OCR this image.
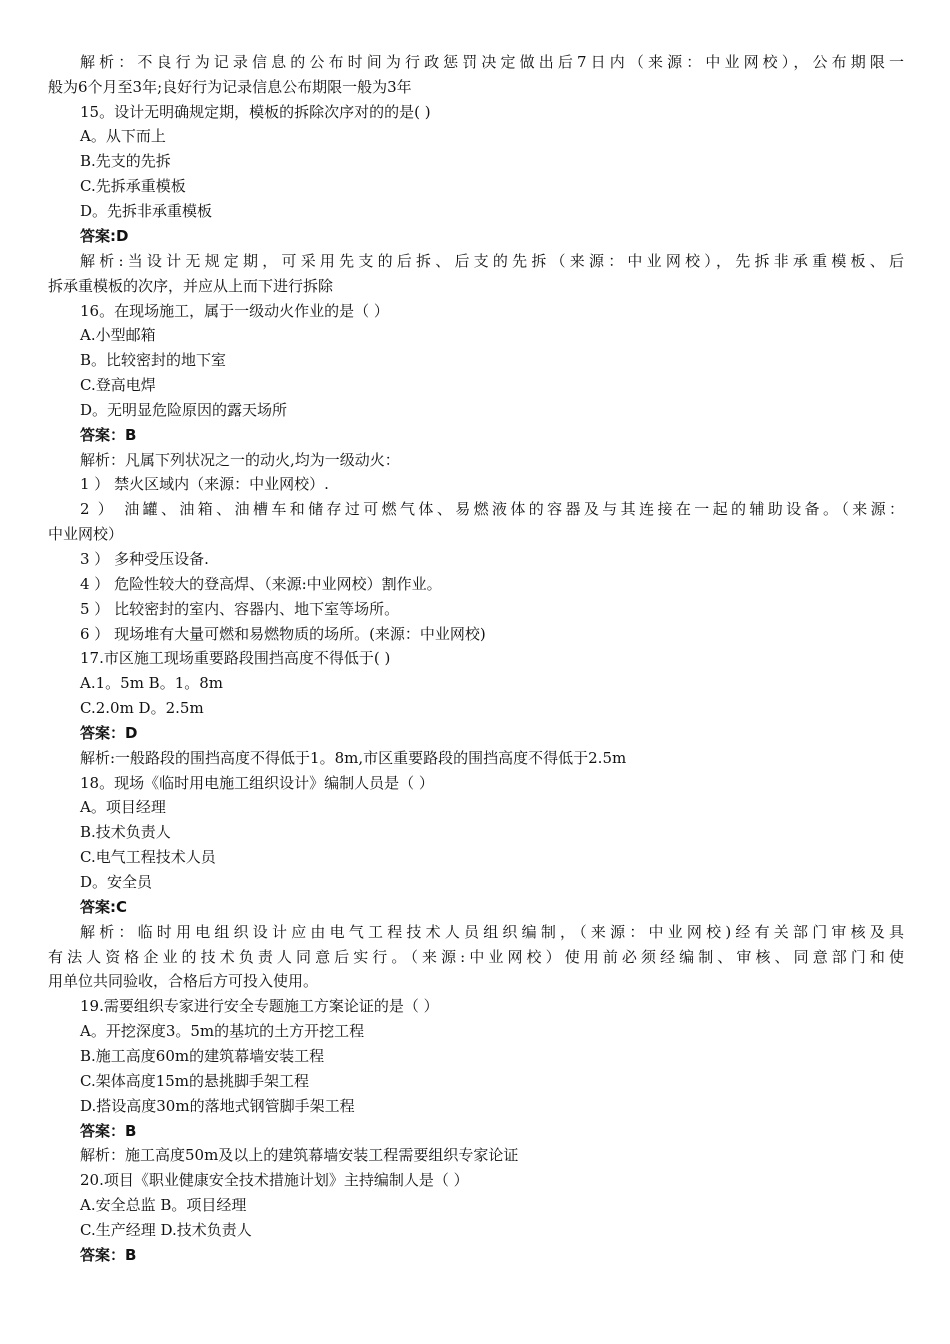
解析：不良行为记录信息的公布时间为行政惩罚决定做出后7日内（来源：中业网校），公布期限一
般为6个月至3年;良好行为记录信息公布期限一般为3年
15。设计无明确规定期，模板的拆除次序对的的是( )
A。从下而上
B.先支的先拆
C.先拆承重模板
D。先拆非承重模板
答案:D
解析:当设计无规定期，可采用先支的后拆、后支的先拆（来源：中业网校），先拆非承重模板、后
拆承重模板的次序，并应从上而下进行拆除
16。在现场施工，属于一级动火作业的是（ ）
A.小型邮箱
B。比较密封的地下室
C.登高电焊
D。无明显危险原因的露天场所
答案：B
解析：凡属下列状况之一的动火,均为一级动火：
1 ） 禁火区域内（来源：中业网校）.
2 ） 油罐、油箱、油槽车和储存过可燃气体、易燃液体的容器及与其连接在一起的辅助设备。（来源：
中业网校）
3 ） 多种受压设备.
4 ） 危险性较大的登高焊、（来源:中业网校）割作业。
5 ） 比较密封的室内、容器内、地下室等场所。
6 ） 现场堆有大量可燃和易燃物质的场所。(来源：中业网校)
17.市区施工现场重要路段围挡高度不得低于( )
A.1。5m B。1。8m
C.2.0m D。2.5m
答案：D
解析:一般路段的围挡高度不得低于1。8m,市区重要路段的围挡高度不得低于2.5m
18。现场《临时用电施工组织设计》编制人员是（ ）
A。项目经理
B.技术负责人
C.电气工程技术人员
D。安全员
答案:C
解析：临时用电组织设计应由电气工程技术人员组织编制，（来源：中业网校)经有关部门审核及具
有法人资格企业的技术负责人同意后实行。（来源:中业网校）使用前必须经编制、审核、同意部门和使
用单位共同验收，合格后方可投入使用。
19.需要组织专家进行安全专题施工方案论证的是（ ）
A。开挖深度3。5m的基坑的土方开挖工程
B.施工高度60m的建筑幕墙安装工程
C.架体高度15m的悬挑脚手架工程
D.搭设高度30m的落地式钢管脚手架工程
答案：B
解析：施工高度50m及以上的建筑幕墙安装工程需要组织专家论证
20.项目《职业健康安全技术措施计划》主持编制人是（ ）
A.安全总监 B。项目经理
C.生产经理 D.技术负责人
答案：B
